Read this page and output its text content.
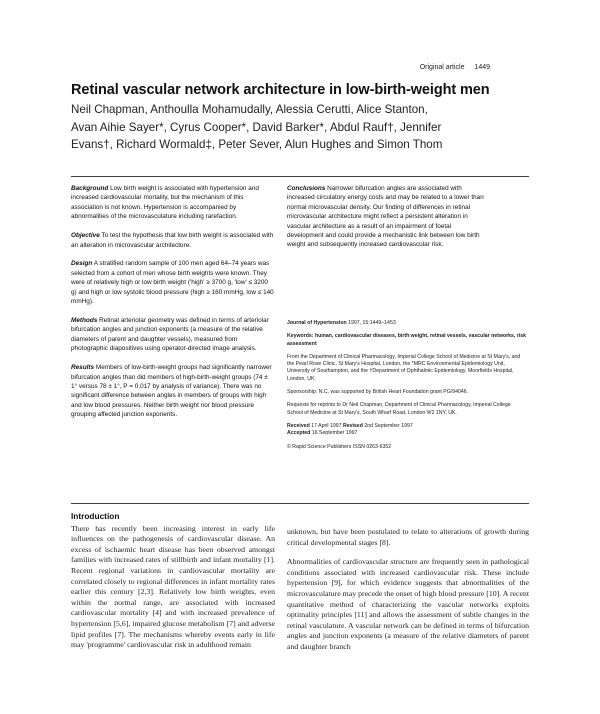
Original article 1449
Retinal vascular network architecture in low-birth-weight men

Neil Chapman, Anthoulla Mohamudally, Alessia Cerutti, Alice Stanton, Avan Aihie Sayer*, Cyrus Cooper*, David Barker*, Abdul Rauf†, Jennifer Evans†, Richard Wormald‡, Peter Sever, Alun Hughes and Simon Thom

Background Low birth weight is associated with hypertension and increased cardiovascular mortality, but the mechanism of this association is not known. Hypertension is accompanied by abnormalities of the microvasculature including rarefaction.

Objective To test the hypothesis that low birth weight is associated with an alteration in microvascular architecture.

Design A stratified random sample of 100 men aged 64–74 years was selected from a cohort of men whose birth weights were known. They were of relatively high or low birth weight ('high' ≥ 3700 g, 'low' ≤ 3200 g) and high or low systolic blood pressure (high ≥ 160 mmHg, low ≤ 140 mmHg).

Methods Retinal arteriolar geometry was defined in terms of arteriolar bifurcation angles and junction exponents (a measure of the relative diameters of parent and daughter vessels), measured from photographic diapositives using operator-directed image analysis.

Results Members of low-birth-weight groups had significantly narrower bifurcation angles than did members of high-birth-weight groups (74 ± 1° versus 78 ± 1°, P = 0.017 by analysis of variance). There was no significant difference between angles in members of groups with high and low blood pressures. Neither birth weight nor blood pressure grouping affected junction exponents.

Conclusions Narrower bifurcation angles are associated with increased circulatory energy costs and may be related to a lower than normal microvascular density. Our finding of differences in retinal microvascular architecture might reflect a persistent alteration in vascular architecture as a result of an impairment of foetal development and could provide a mechanistic link between low birth weight and subsequently increased cardiovascular risk.

Journal of Hypertension 1997, 15:1449–1453

Keywords: human, cardiovascular diseases, birth weight, retinal vessels, vascular networks, risk assessment

From the Department of Clinical Pharmacology, Imperial College School of Medicine at St Mary's, and the Pearl Rose Clinic, St Mary's Hospital, London, the *MRC Environmental Epidemiology Unit, University of Southampton, and the †Department of Ophthalmic Epidemiology, Moorfields Hospital, London, UK.

Sponsorship: N.C. was supported by British Heart Foundation grant PG/94046.

Requests for reprints to Dr Neil Chapman, Department of Clinical Pharmacology, Imperial College School of Medicine at St Mary's, South Wharf Road, London W2 1NY, UK.

Received 17 April 1997 Revised 2nd September 1997
Accepted 16 September 1997

© Rapid Science Publishers ISSN 0263-6352

Introduction

There has recently been increasing interest in early life influences on the pathogenesis of cardiovascular disease. An excess of ischaemic heart disease has been observed amongst families with increased rates of stillbirth and infant mortality [1]. Recent regional variations in cardiovascular mortality are correlated closely to regional differences in infant mortality rates earlier this century [2,3]. Relatively low birth weights, even within the normal range, are associated with increased cardiovascular mortality [4] and with increased prevalence of hypertension [5,6], impaired glucose metabolism [7] and adverse lipid profiles [7]. The mechanisms whereby events early in life may 'programme' cardiovascular risk in adulthood remain

unknown, but have been postulated to relate to alterations of growth during critical developmental stages [8].

Abnormalities of cardiovascular structure are frequently seen in pathological conditions associated with increased cardiovascular risk. These include hypertension [9], for which evidence suggests that abnormalities of the microvasculature may precede the onset of high blood pressure [10]. A recent quantitative method of characterizing the vascular networks exploits optimality principles [11] and allows the assessment of subtle changes in the retinal vasculature. A vascular network can be defined in terms of bifurcation angles and junction exponents (a measure of the relative diameters of parent and daughter branch
